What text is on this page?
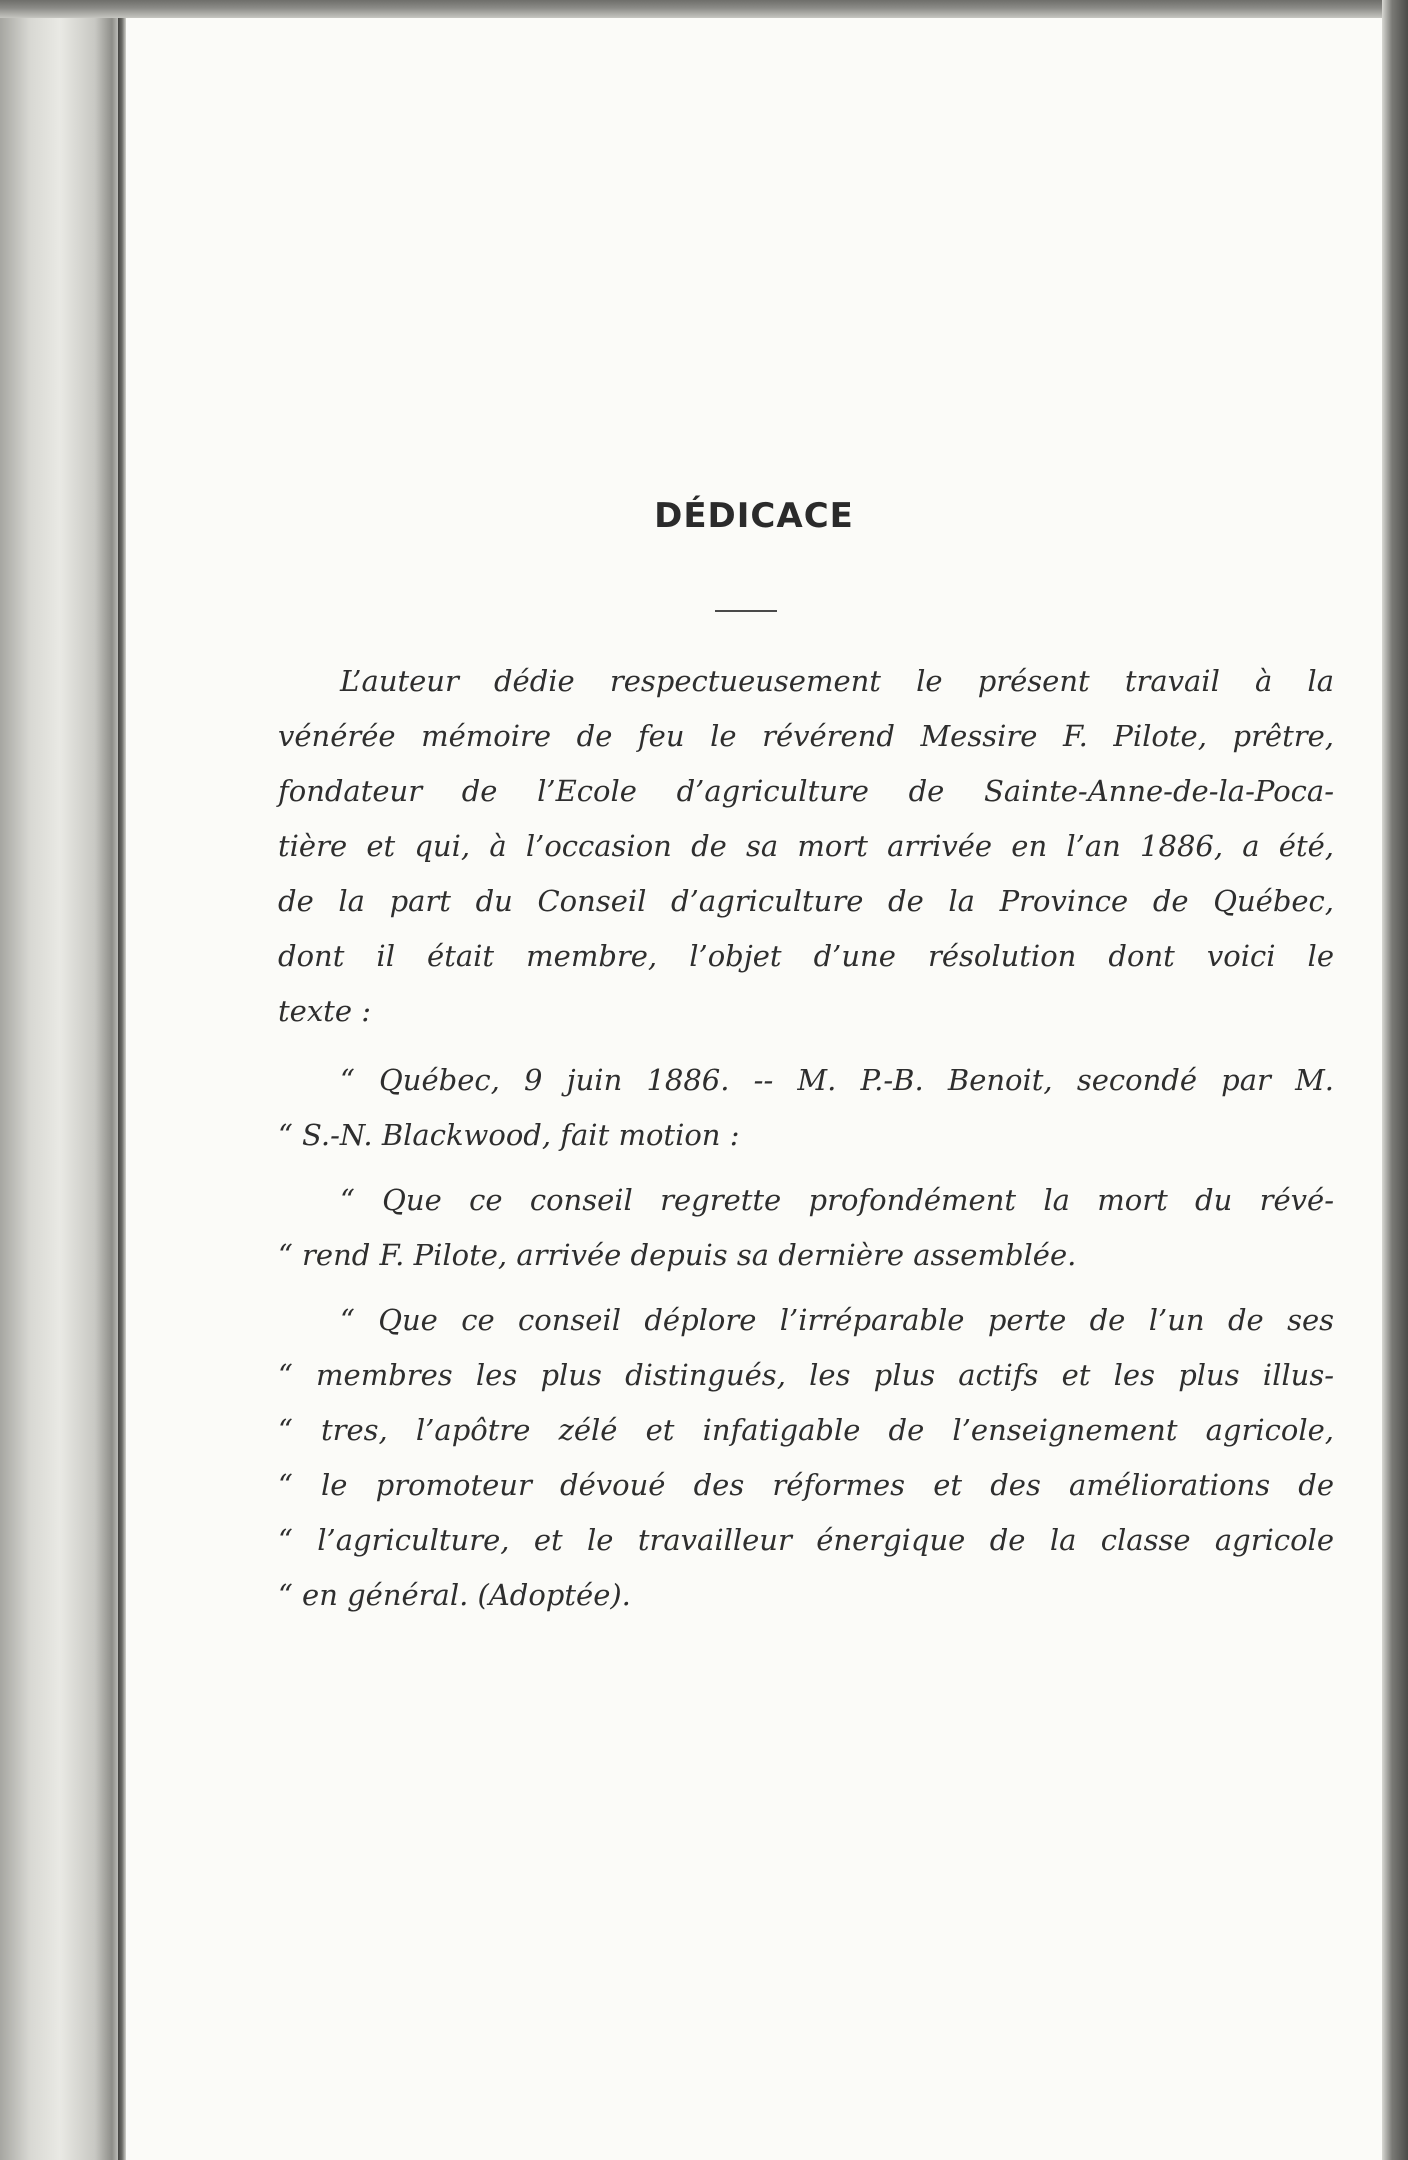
DÉDICACE
L’auteur dédie respectueusement le présent travail à la
vénérée mémoire de feu le révérend Messire F. Pilote, prêtre,
fondateur de l’Ecole d’agriculture de Sainte-Anne-de-la-Poca-
tière et qui, à l’occasion de sa mort arrivée en l’an 1886, a été,
de la part du Conseil d’agriculture de la Province de Québec,
dont il était membre, l’objet d’une résolution dont voici le
texte :
“ Québec, 9 juin 1886. -- M. P.-B. Benoit, secondé par M.
“ S.-N. Blackwood, fait motion :
“ Que ce conseil regrette profondément la mort du révé-
“ rend F. Pilote, arrivée depuis sa dernière assemblée.
“ Que ce conseil déplore l’irréparable perte de l’un de ses
“ membres les plus distingués, les plus actifs et les plus illus-
“ tres, l’apôtre zélé et infatigable de l’enseignement agricole,
“ le promoteur dévoué des réformes et des améliorations de
“ l’agriculture, et le travailleur énergique de la classe agricole
“ en général. (Adoptée).
